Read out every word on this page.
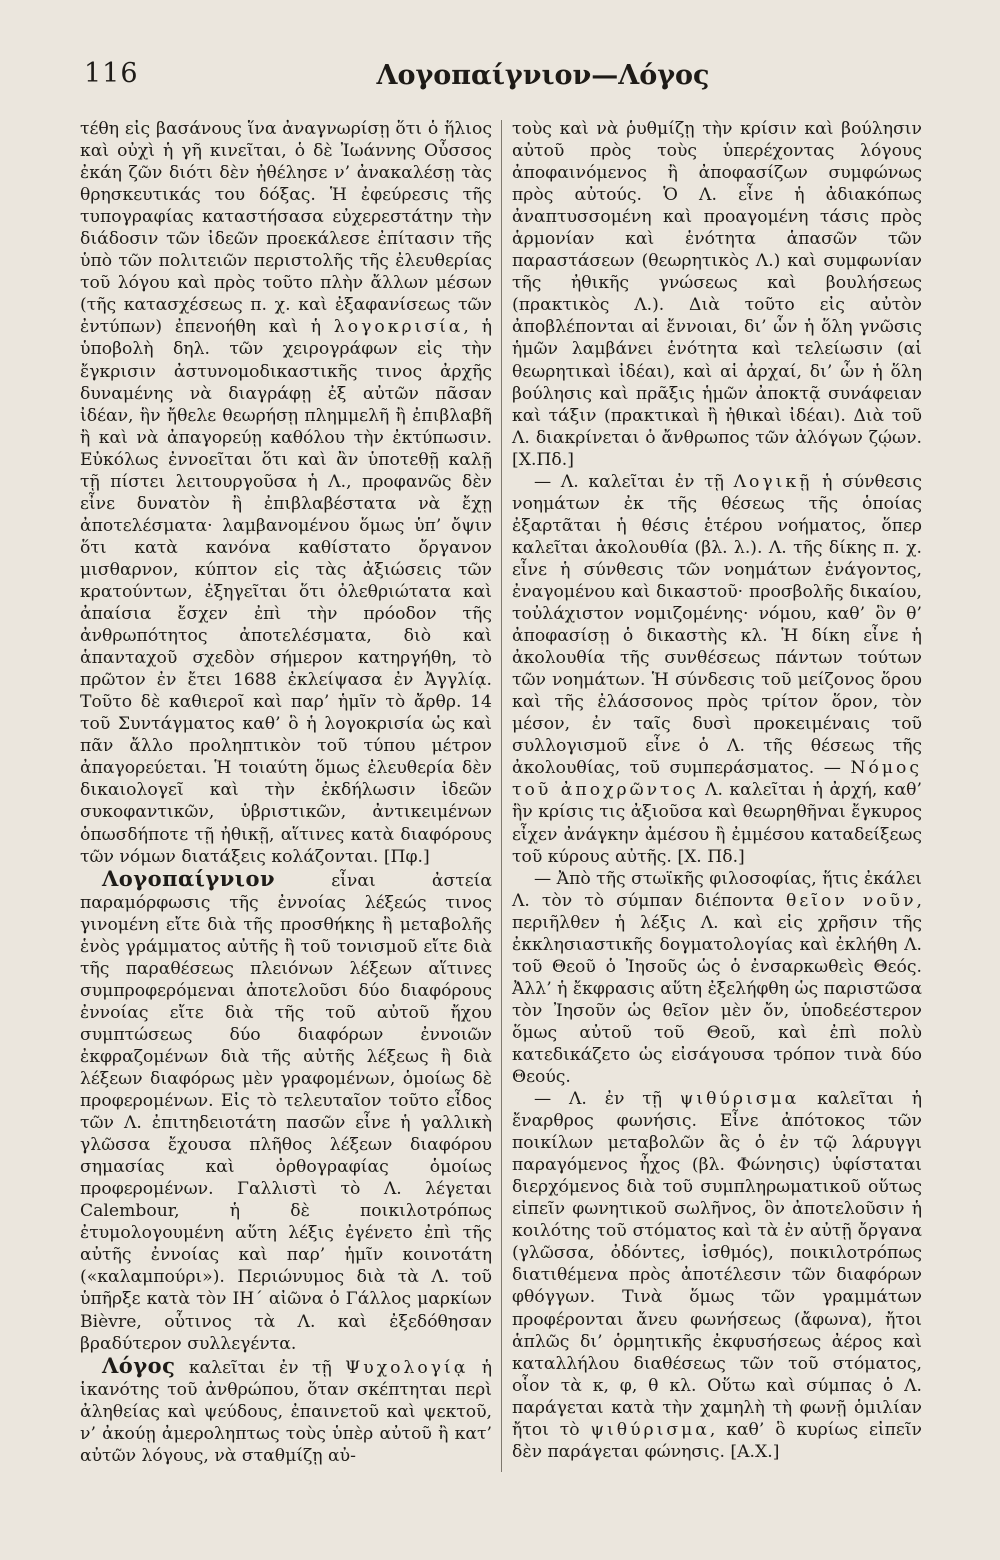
116	Λογοπαίγνιον—Λόγος

τέθη εἰς βασάνους ἵνα ἀναγνωρίσῃ ὅτι ὁ ἥλιος καὶ οὐχὶ ἡ γῆ κινεῖται, ὁ δὲ Ἰωάννης Οὖσσος ἐκάη ζῶν διότι δὲν ἠθέλησε ν’ ἀνακαλέσῃ τὰς θρησκευτικάς του δόξας. Ἡ ἐφεύρεσις τῆς τυπογραφίας καταστήσασα εὐχερεστάτην τὴν διάδοσιν τῶν ἰδεῶν προεκάλεσε ἐπίτασιν τῆς ὑπὸ τῶν πολιτειῶν περιστολῆς τῆς ἐλευθερίας τοῦ λόγου καὶ πρὸς τοῦτο πλὴν ἄλλων μέσων (τῆς κατασχέσεως π. χ. καὶ ἐξαφανίσεως τῶν ἐντύπων) ἐπενοήθη καὶ ἡ λογοκρισία, ἡ ὑποβολὴ δηλ. τῶν χειρογράφων εἰς τὴν ἔγκρισιν ἀστυνομοδικαστικῆς τινος ἀρχῆς δυναμένης νὰ διαγράφῃ ἐξ αὐτῶν πᾶσαν ἰδέαν, ἣν ἤθελε θεωρήσῃ πλημμελῆ ἢ ἐπιβλαβῆ ἢ καὶ νὰ ἀπαγορεύῃ καθόλου τὴν ἐκτύπωσιν. Εὐκόλως ἐννοεῖται ὅτι καὶ ἂν ὑποτεθῇ καλῇ τῇ πίστει λειτουργοῦσα ἡ Λ., προφανῶς δὲν εἶνε δυνατὸν ἢ ἐπιβλαβέστατα νὰ ἔχῃ ἀποτελέσματα· λαμβανομένου ὅμως ὑπ’ ὄψιν ὅτι κατὰ κανόνα καθίστατο ὄργανον μισθαρνον, κύπτον εἰς τὰς ἀξιώσεις τῶν κρατούντων, ἐξηγεῖται ὅτι ὀλεθριώτατα καὶ ἀπαίσια ἔσχεν ἐπὶ τὴν πρόοδον τῆς ἀνθρωπότητος ἀποτελέσματα, διὸ καὶ ἁπανταχοῦ σχεδὸν σήμερον κατηργήθη, τὸ πρῶτον ἐν ἔτει 1688 ἐκλείψασα ἐν Ἀγγλίᾳ. Τοῦτο δὲ καθιεροῖ καὶ παρ’ ἡμῖν τὸ ἄρθρ. 14 τοῦ Συντάγματος καθ’ ὃ ἡ λογοκρισία ὡς καὶ πᾶν ἄλλο προληπτικὸν τοῦ τύπου μέτρον ἀπαγορεύεται. Ἡ τοιαύτη ὅμως ἐλευθερία δὲν δικαιολογεῖ καὶ τὴν ἐκδήλωσιν ἰδεῶν συκοφαντικῶν, ὑβριστικῶν, ἀντικειμένων ὁπωσδήποτε τῇ ἠθικῇ, αἵτινες κατὰ διαφόρους τῶν νόμων διατάξεις κολάζονται. [Πφ.]

Λογοπαίγνιον	εἶναι ἀστεία παραμόρφωσις τῆς ἐννοίας λέξεώς τινος γινομένη εἴτε διὰ τῆς προσθήκης ἢ μεταβολῆς ἑνὸς γράμματος αὐτῆς ἢ τοῦ τονισμοῦ εἴτε διὰ τῆς παραθέσεως πλειόνων λέξεων αἵτινες συμπροφερόμεναι ἀποτελοῦσι δύο διαφόρους ἐννοίας εἴτε διὰ τῆς τοῦ αὐτοῦ ἤχου συμπτώσεως δύο διαφόρων ἐννοιῶν ἐκφραζομένων διὰ τῆς αὐτῆς λέξεως ἢ διὰ λέξεων διαφόρως μὲν γραφομένων, ὁμοίως δὲ προφερομένων. Εἰς τὸ τελευταῖον τοῦτο εἶδος τῶν Λ. ἐπιτηδειοτάτη πασῶν εἶνε ἡ γαλλικὴ γλῶσσα ἔχουσα πλῆθος λέξεων διαφόρου σημασίας καὶ ὀρθογραφίας ὁμοίως προφερομένων. Γαλλιστὶ τὸ Λ. λέγεται Calembour, ἡ δὲ ποικιλοτρόπως ἐτυμολογουμένη αὕτη λέξις ἐγένετο ἐπὶ τῆς αὐτῆς ἐννοίας καὶ παρ’ ἡμῖν κοινοτάτη («καλαμπούρι»). Περιώνυμος διὰ τὰ Λ. τοῦ ὑπῆρξε κατὰ τὸν ΙΗ΄ αἰῶνα ὁ Γάλλος μαρκίων Bièvre, οὗτινος τὰ Λ. καὶ ἐξεδόθησαν βραδύτερον συλλεγέντα.

Λόγος καλεῖται ἐν τῇ Ψυχολογίᾳ ἡ ἱκανότης τοῦ ἀνθρώπου, ὅταν σκέπτηται περὶ ἀληθείας καὶ ψεύδους, ἐπαινετοῦ καὶ ψεκτοῦ, ν’ ἀκούῃ ἀμεροληπτως τοὺς ὑπὲρ αὐτοῦ ἢ κατ’ αὐτῶν λόγους, νὰ σταθμίζῃ αὐ-

τοὺς καὶ νὰ ῥυθμίζῃ τὴν κρίσιν καὶ βούλησιν αὐτοῦ πρὸς τοὺς ὑπερέχοντας λόγους ἀποφαινόμενος ἢ ἀποφασίζων συμφώνως πρὸς αὐτούς. Ὁ Λ. εἶνε ἡ ἀδιακόπως ἀναπτυσσομένη καὶ προαγομένη τάσις πρὸς ἁρμονίαν καὶ ἑνότητα ἁπασῶν τῶν παραστάσεων (θεωρητικὸς Λ.) καὶ συμφωνίαν τῆς ἠθικῆς γνώσεως καὶ βουλήσεως (πρακτικὸς Λ.). Διὰ τοῦτο εἰς αὐτὸν ἀποβλέπονται αἱ ἔννοιαι, δι’ ὧν ἡ ὅλη γνῶσις ἡμῶν λαμβάνει ἑνότητα καὶ τελείωσιν (αἱ θεωρητικαὶ ἰδέαι), καὶ αἱ ἀρχαί, δι’ ὧν ἡ ὅλη βούλησις καὶ πρᾶξις ἡμῶν ἀποκτᾷ συνάφειαν καὶ τάξιν (πρακτικαὶ ἢ ἠθικαὶ ἰδέαι). Διὰ τοῦ Λ. διακρίνεται ὁ ἄνθρωπος τῶν ἀλόγων ζῴων. [Χ.Πδ.]

— Λ. καλεῖται ἐν τῇ Λογικῇ ἡ σύνθεσις νοημάτων ἐκ τῆς θέσεως τῆς ὁποίας ἐξαρτᾶται ἡ θέσις ἑτέρου νοήματος, ὅπερ καλεῖται ἀκολουθία (βλ. λ.). Λ. τῆς δίκης π. χ. εἶνε ἡ σύνθεσις τῶν νοημάτων ἐνάγοντος, ἐναγομένου καὶ δικαστοῦ· προσβολῆς δικαίου, τοὐλάχιστον νομιζομένης· νόμου, καθ’ ὃν θ’ ἀποφασίσῃ ὁ δικαστὴς κλ. Ἡ δίκη εἶνε ἡ ἀκολουθία τῆς συνθέσεως πάντων τούτων τῶν νοημάτων. Ἡ σύνδεσις τοῦ μείζονος ὅρου καὶ τῆς ἐλάσσονος πρὸς τρίτον ὅρον, τὸν μέσον, ἐν ταῖς δυσὶ προκειμέναις τοῦ συλλογισμοῦ εἶνε ὁ Λ. τῆς θέσεως τῆς ἀκολουθίας, τοῦ συμπεράσματος. — Νόμος τοῦ ἀποχρῶντος Λ. καλεῖται ἡ ἀρχή, καθ’ ἣν κρίσις τις ἀξιοῦσα καὶ θεωρηθῆναι ἔγκυρος εἶχεν ἀνάγκην ἀμέσου ἢ ἐμμέσου καταδείξεως τοῦ κύρους αὐτῆς. [Χ. Πδ.]

— Ἀπὸ τῆς στωϊκῆς φιλοσοφίας, ἥτις ἐκάλει Λ. τὸν τὸ σύμπαν διέποντα θεῖον νοῦν, περιῆλθεν ἡ λέξις Λ. καὶ εἰς χρῆσιν τῆς ἐκκλησιαστικῆς δογματολογίας καὶ ἐκλήθη Λ. τοῦ Θεοῦ ὁ Ἰησοῦς ὡς ὁ ἐνσαρκωθεὶς Θεός. Ἀλλ’ ἡ ἔκφρασις αὕτη ἐξελήφθη ὡς παριστῶσα τὸν Ἰησοῦν ὡς θεῖον μὲν ὄν, ὑποδεέστερον ὅμως αὐτοῦ τοῦ Θεοῦ, καὶ ἐπὶ πολὺ κατεδικάζετο ὡς εἰσάγουσα τρόπον τινὰ δύο Θεούς.

— Λ. ἐν τῇ ψιθύρισμα καλεῖται ἡ ἔναρθρος φωνήσις. Εἶνε ἀπότοκος τῶν ποικίλων μεταβολῶν ἃς ὁ ἐν τῷ λάρυγγι παραγόμενος ἦχος (βλ. Φώνησις) ὑφίσταται διερχόμενος διὰ τοῦ συμπληρωματικοῦ οὕτως εἰπεῖν φωνητικοῦ σωλῆνος, ὃν ἀποτελοῦσιν ἡ κοιλότης τοῦ στόματος καὶ τὰ ἐν αὐτῇ ὄργανα (γλῶσσα, ὀδόντες, ἰσθμός), ποικιλοτρόπως διατιθέμενα πρὸς ἀποτέλεσιν τῶν διαφόρων φθόγγων. Τινὰ ὅμως τῶν γραμμάτων προφέρονται ἄνευ φωνήσεως (ἄφωνα), ἤτοι ἁπλῶς δι’ ὁρμητικῆς ἐκφυσήσεως ἀέρος καὶ καταλλήλου διαθέσεως τῶν τοῦ στόματος, οἷον τὰ κ, φ, θ κλ. Οὕτω καὶ σύμπας ὁ Λ. παράγεται κατὰ τὴν χαμηλὴ τὴ φωνῇ ὁμιλίαν ἤτοι τὸ ψιθύρισμα, καθ’ ὃ κυρίως εἰπεῖν δὲν παράγεται φώνησις. [Α.Χ.]
